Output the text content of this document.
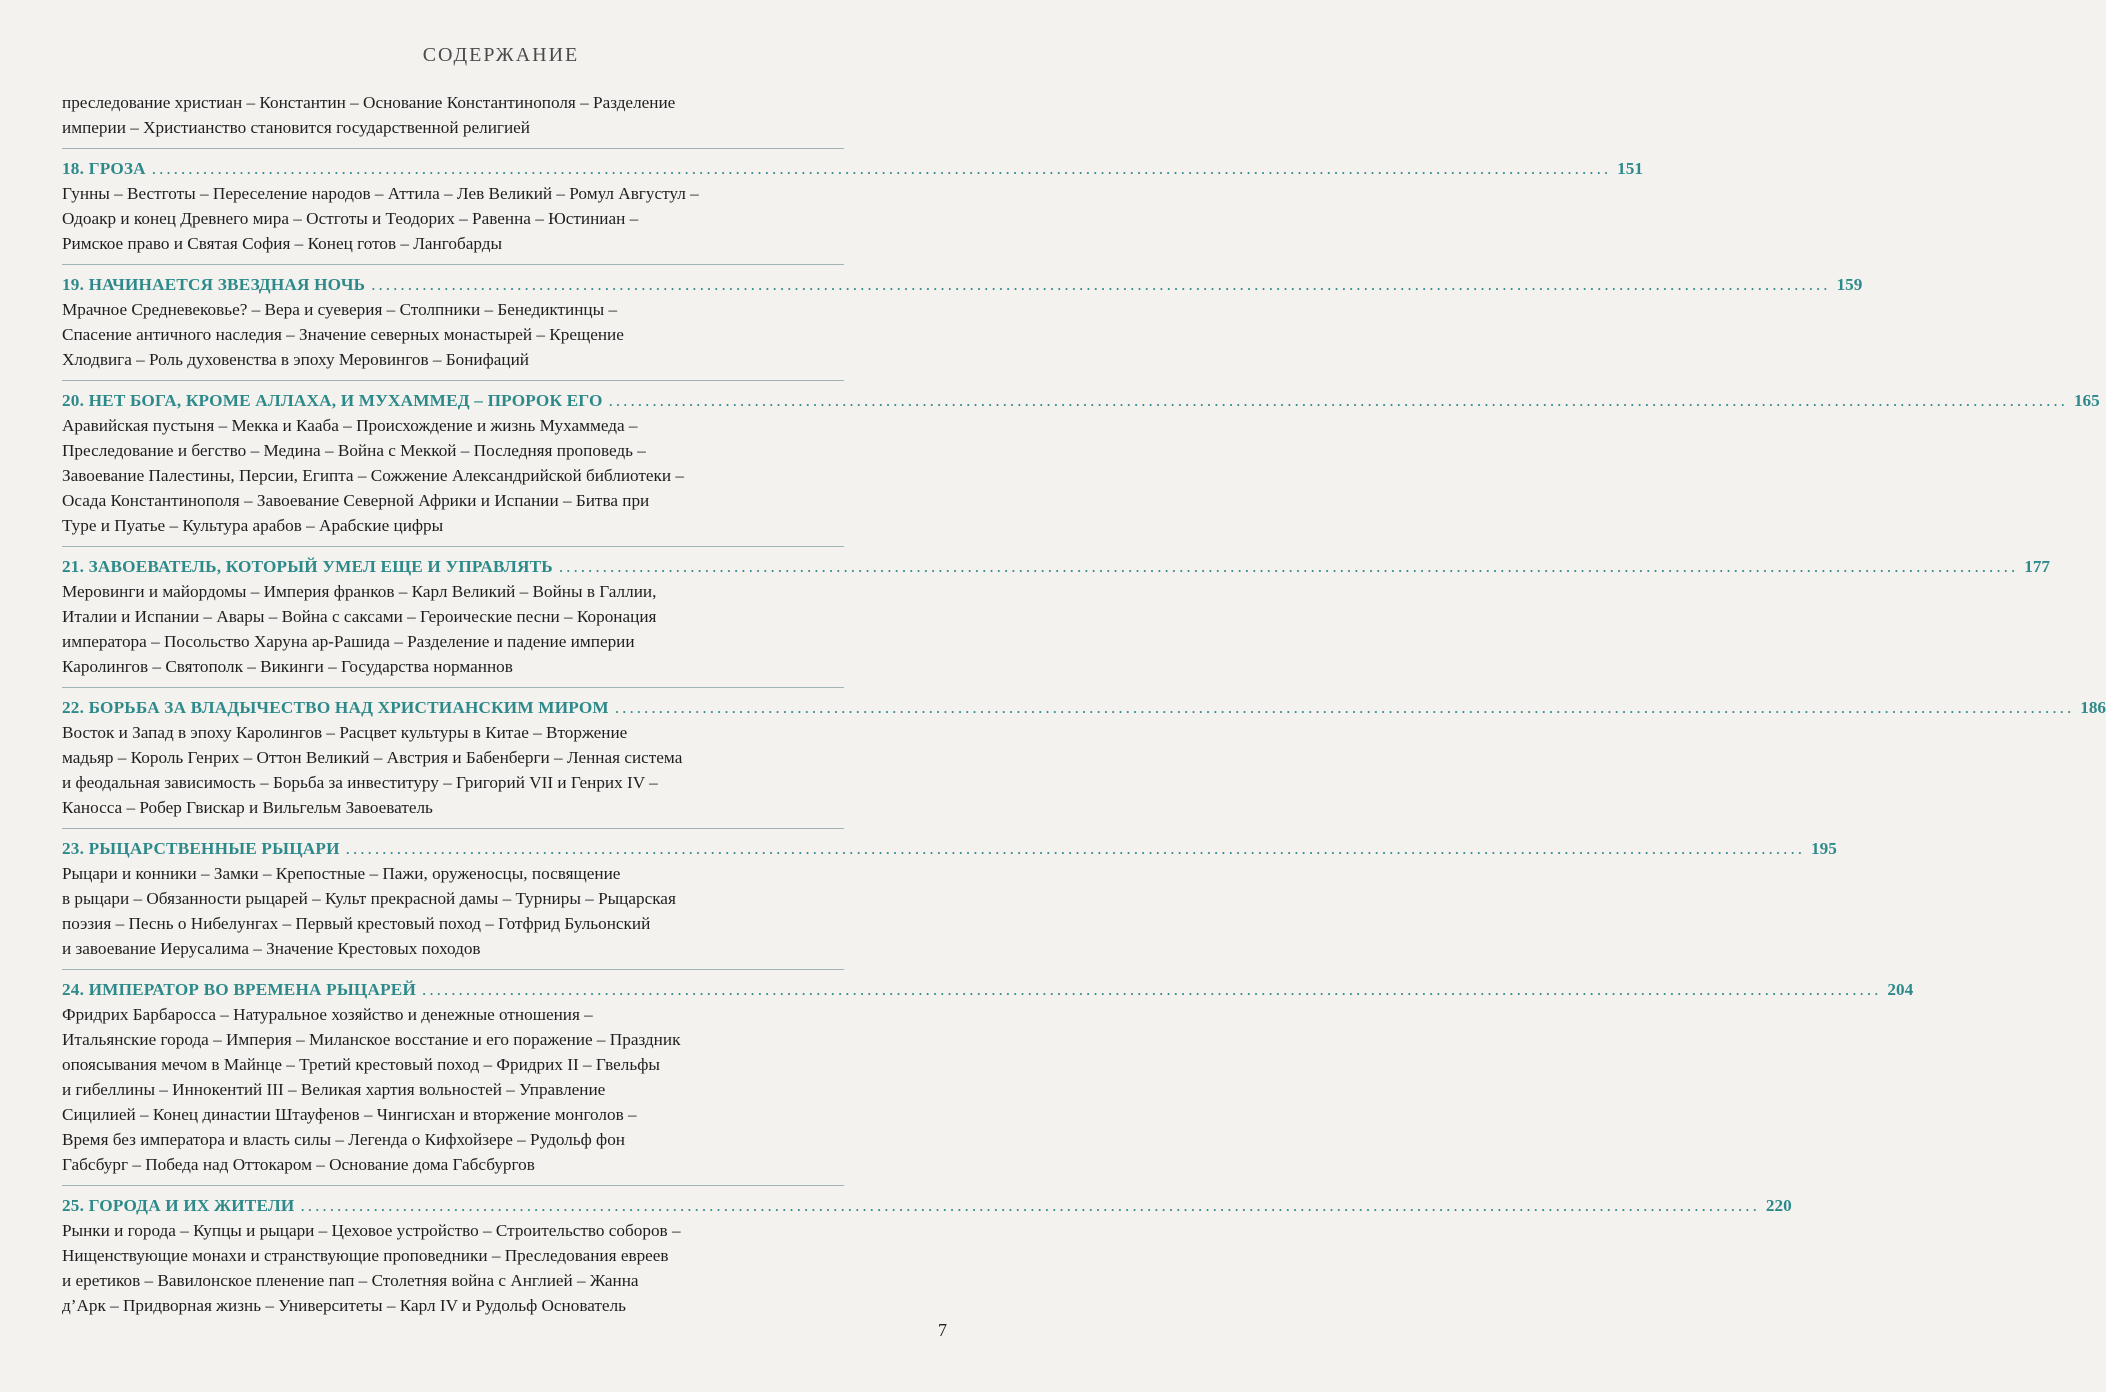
СОДЕРЖАНИЕ
преследование христиан – Константин – Основание Константинополя – Разделение
империи – Христианство становится государственной религией
18. ГРОЗА ........................................................................................................................................................................................................ 151
Гунны – Вестготы – Переселение народов – Аттила – Лев Великий – Ромул Августул –
Одоакр и конец Древнего мира – Остготы и Теодорих – Равенна – Юстиниан –
Римское право и Святая София – Конец готов – Лангобарды
19. НАЧИНАЕТСЯ ЗВЕЗДНАЯ НОЧЬ ........................................................................................................................................................................................................ 159
Мрачное Средневековье? – Вера и суеверия – Столпники – Бенедиктинцы –
Спасение античного наследия – Значение северных монастырей – Крещение
Хлодвига – Роль духовенства в эпоху Меровингов – Бонифаций
20. НЕТ БОГА, КРОМЕ АЛЛАХА, И МУХАММЕД – ПРОРОК ЕГО ........................................................................................................................................................................................................ 165
Аравийская пустыня – Мекка и Кааба – Происхождение и жизнь Мухаммеда –
Преследование и бегство – Медина – Война с Меккой – Последняя проповедь –
Завоевание Палестины, Персии, Египта – Сожжение Александрийской библиотеки –
Осада Константинополя – Завоевание Северной Африки и Испании – Битва при
Туре и Пуатье – Культура арабов – Арабские цифры
21. ЗАВОЕВАТЕЛЬ, КОТОРЫЙ УМЕЛ ЕЩЕ И УПРАВЛЯТЬ ........................................................................................................................................................................................................ 177
Меровинги и майордомы – Империя франков – Карл Великий – Войны в Галлии,
Италии и Испании – Авары – Война с саксами – Героические песни – Коронация
императора – Посольство Харуна ар-Рашида – Разделение и падение империи
Каролингов – Святополк – Викинги – Государства норманнов
22. БОРЬБА ЗА ВЛАДЫЧЕСТВО НАД ХРИСТИАНСКИМ МИРОМ ........................................................................................................................................................................................................ 186
Восток и Запад в эпоху Каролингов – Расцвет культуры в Китае – Вторжение
мадьяр – Король Генрих – Оттон Великий – Австрия и Бабенберги – Ленная система
и феодальная зависимость – Борьба за инвеституру – Григорий VII и Генрих IV –
Каносса – Робер Гвискар и Вильгельм Завоеватель
23. РЫЦАРСТВЕННЫЕ РЫЦАРИ ........................................................................................................................................................................................................ 195
Рыцари и конники – Замки – Крепостные – Пажи, оруженосцы, посвящение
в рыцари – Обязанности рыцарей – Культ прекрасной дамы – Турниры – Рыцарская
поэзия – Песнь о Нибелунгах – Первый крестовый поход – Готфрид Бульонский
и завоевание Иерусалима – Значение Крестовых походов
24. ИМПЕРАТОР ВО ВРЕМЕНА РЫЦАРЕЙ ........................................................................................................................................................................................................ 204
Фридрих Барбаросса – Натуральное хозяйство и денежные отношения –
Итальянские города – Империя – Миланское восстание и его поражение – Праздник
опоясывания мечом в Майнце – Третий крестовый поход – Фридрих II – Гвельфы
и гибеллины – Иннокентий III – Великая хартия вольностей – Управление
Сицилией – Конец династии Штауфенов – Чингисхан и вторжение монголов –
Время без императора и власть силы – Легенда о Кифхойзере – Рудольф фон
Габсбург – Победа над Оттокаром – Основание дома Габсбургов
25. ГОРОДА И ИХ ЖИТЕЛИ ........................................................................................................................................................................................................ 220
Рынки и города – Купцы и рыцари – Цеховое устройство – Строительство соборов –
Нищенствующие монахи и странствующие проповедники – Преследования евреев
и еретиков – Вавилонское пленение пап – Столетняя война с Англией – Жанна
д’Арк – Придворная жизнь – Университеты – Карл IV и Рудольф Основатель
7
